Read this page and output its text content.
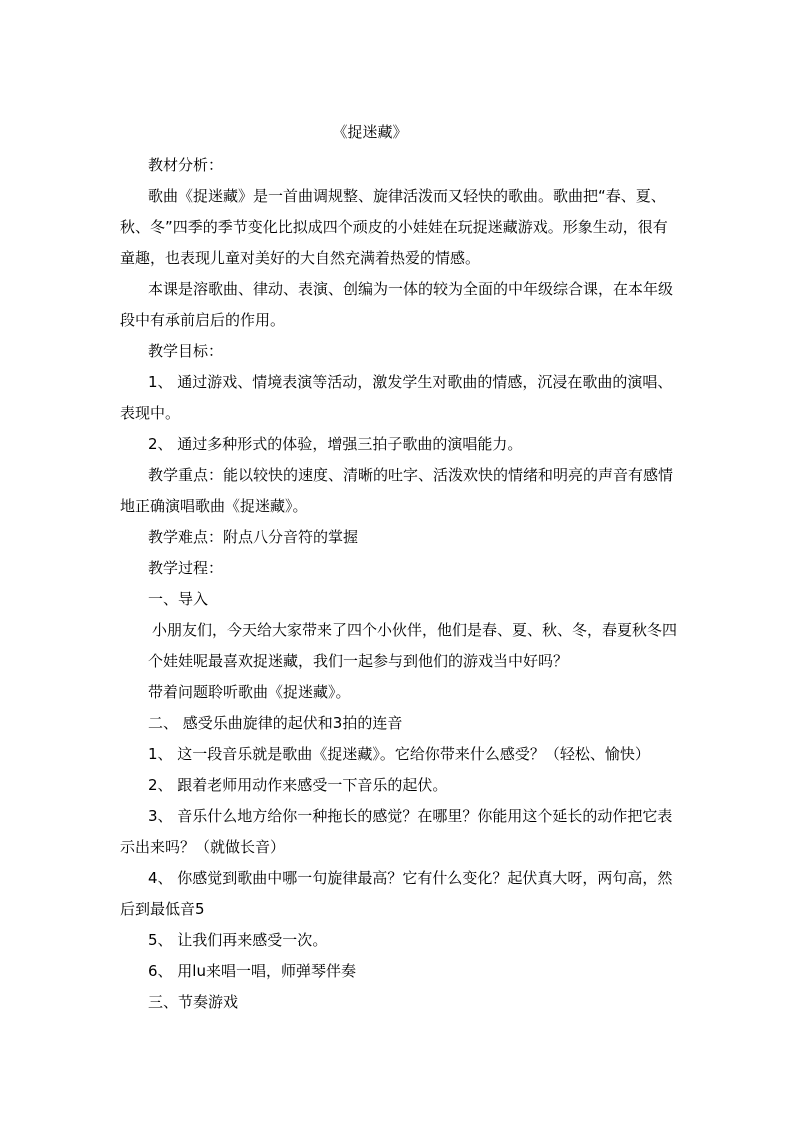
《捉迷藏》

教材分析：

歌曲《捉迷藏》是一首曲调规整、旋律活泼而又轻快的歌曲。歌曲把“春、夏、秋、冬”四季的季节变化比拟成四个顽皮的小娃娃在玩捉迷藏游戏。形象生动，很有童趣，也表现儿童对美好的大自然充满着热爱的情感。

本课是溶歌曲、律动、表演、创编为一体的较为全面的中年级综合课，在本年级段中有承前启后的作用。

教学目标：

1、 通过游戏、情境表演等活动，激发学生对歌曲的情感，沉浸在歌曲的演唱、表现中。

2、 通过多种形式的体验，增强三拍子歌曲的演唱能力。

教学重点：能以较快的速度、清晰的吐字、活泼欢快的情绪和明亮的声音有感情地正确演唱歌曲《捉迷藏》。

教学难点：附点八分音符的掌握

教学过程：

一、导入

小朋友们，今天给大家带来了四个小伙伴，他们是春、夏、秋、冬，春夏秋冬四个娃娃呢最喜欢捉迷藏，我们一起参与到他们的游戏当中好吗？

带着问题聆听歌曲《捉迷藏》。

二、 感受乐曲旋律的起伏和3拍的连音

1、 这一段音乐就是歌曲《捉迷藏》。它给你带来什么感受？（轻松、愉快）

2、 跟着老师用动作来感受一下音乐的起伏。

3、 音乐什么地方给你一种拖长的感觉？在哪里？你能用这个延长的动作把它表示出来吗？（就做长音）

4、 你感觉到歌曲中哪一句旋律最高？它有什么变化？起伏真大呀，两句高，然后到最低音5

5、 让我们再来感受一次。

6、 用lu来唱一唱，师弹琴伴奏

三、节奏游戏
